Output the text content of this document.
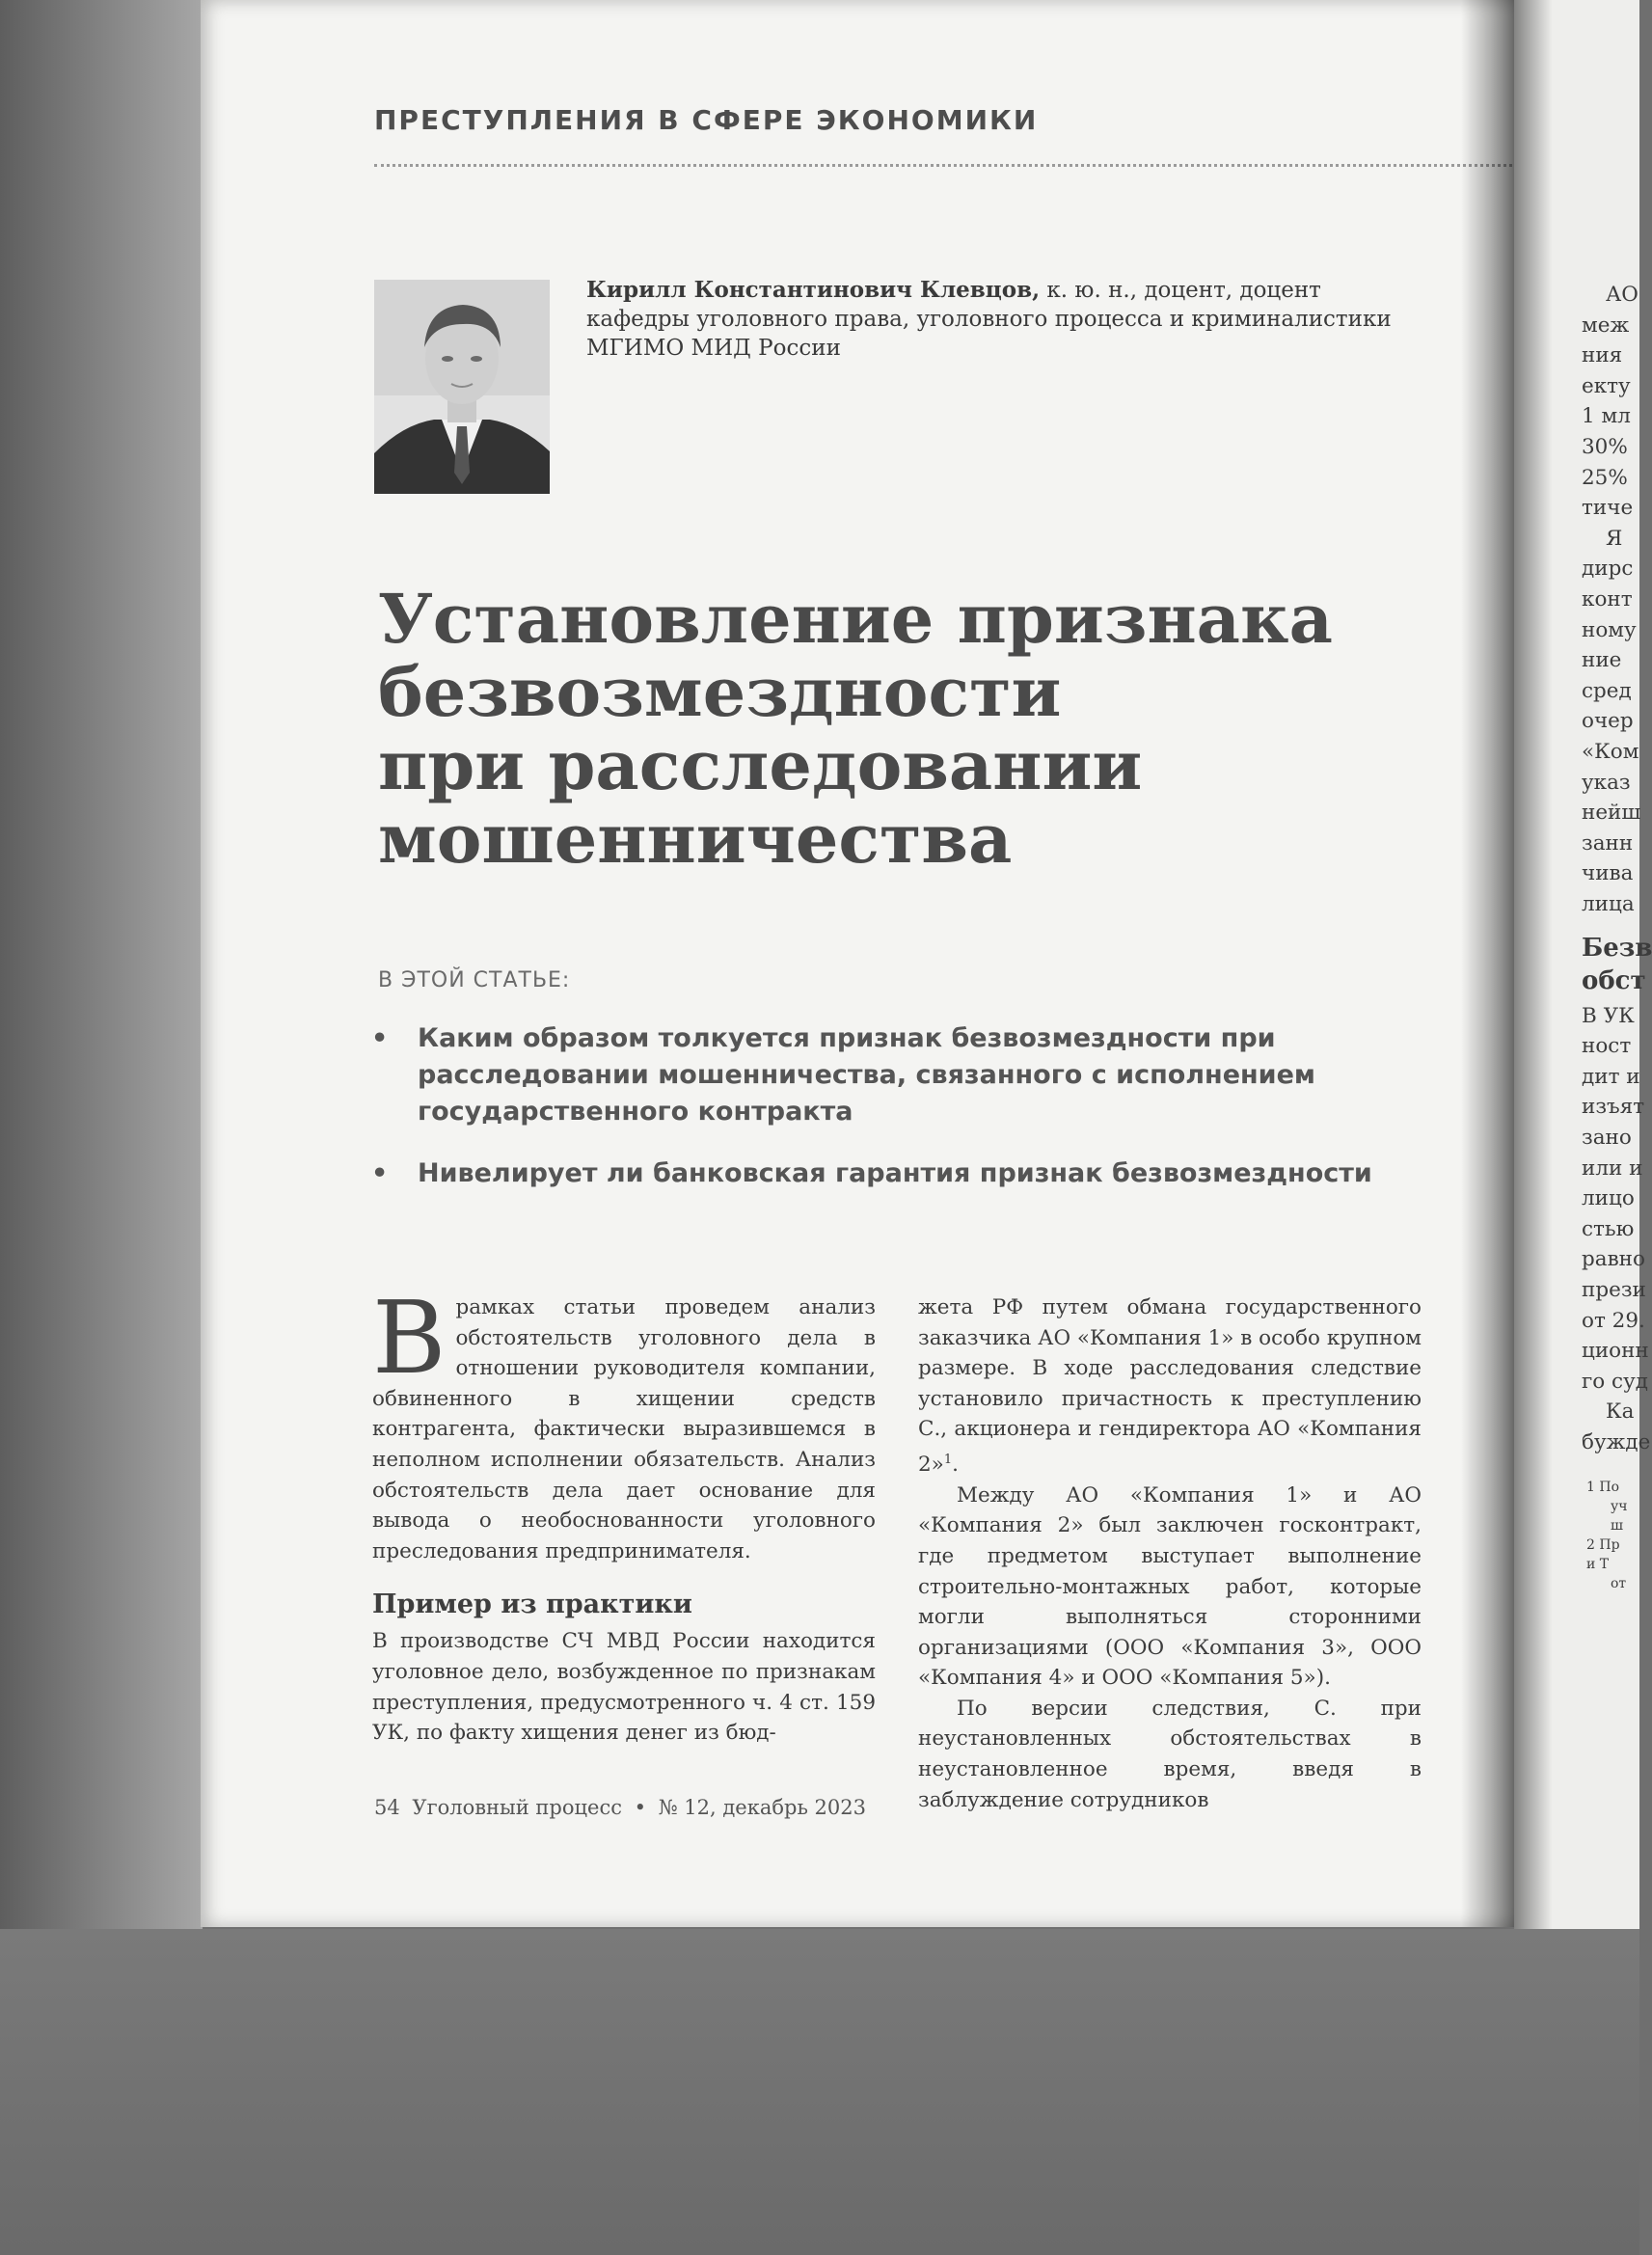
ПРЕСТУПЛЕНИЯ В СФЕРЕ ЭКОНОМИКИ
Кирилл Константинович Клевцов, к. ю. н., доцент, доцент кафедры уголовного права, уголовного процесса и криминалистики МГИМО МИД России
Установление признака
безвозмездности
при расследовании
мошенничества
В ЭТОЙ СТАТЬЕ:
• Каким образом толкуется признак безвозмездности при расследовании мошенничества, связанного с исполнением государственного контракта
• Нивелирует ли банковская гарантия признак безвозмездности

Врамках статьи проведем анализ обстоятельств уголовного дела в отношении руководителя компании, обвиненного в хищении средств контрагента, фактически выразившемся в неполном исполнении обязательств. Анализ обстоятельств дела дает основание для вывода о необоснованности уголовного преследования предпринимателя.

Пример из практики

В производстве СЧ МВД России находится уголовное дело, возбужденное по признакам преступления, предусмотренного ч. 4 ст. 159 УК, по факту хищения денег из бюд-

жета РФ путем обмана государственного заказчика АО «Компания 1» в особо крупном размере. В ходе расследования следствие установило причастность к преступлению С., акционера и гендиректора АО «Компания 2»$^1$.

Между АО «Компания 1» и АО «Компания 2» был заключен госконтракт, где предметом выступает выполнение строительно-монтажных работ, которые могли выполняться сторонними организациями (ООО «Компания 3», ООО «Компания 4» и ООО «Компания 5»).

По версии следствия, С. при неустановленных обстоятельствах в неустановленное время, введя в заблуждение сотрудников

54 Уголовный процесс • № 12, декабрь 2023
АО
меж
ния
екту
1 мл
30%
25%
тиче
Я
дирс
конт
ному
ние
сред
очер
«Ком
указ
нейш
занн
чива
лица
Безв
обст
В УК
ност
дит и
изъят
зано
или и
лицо
стью
равно
прези
от 29.
ционн
го суд
Ка
бужде
1 По
уч
ш
2 Пр
и Т
от
